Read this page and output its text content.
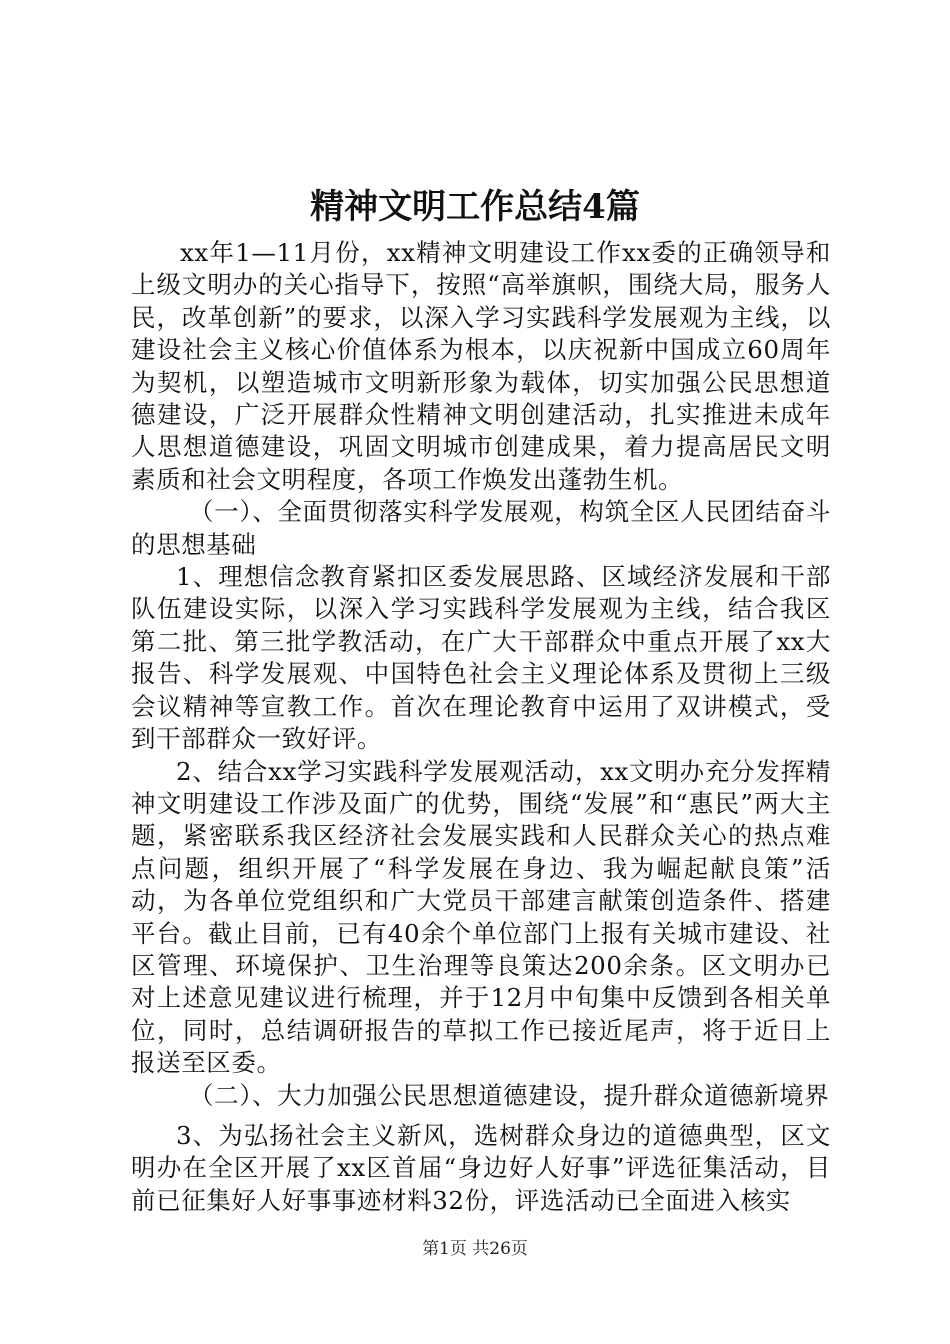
精神文明工作总结4篇

xx年1—11月份，xx精神文明建设工作xx委的正确领导和上级文明办的关心指导下，按照“高举旗帜，围绕大局，服务人民，改革创新”的要求，以深入学习实践科学发展观为主线，以建设社会主义核心价值体系为根本，以庆祝新中国成立60周年为契机，以塑造城市文明新形象为载体，切实加强公民思想道德建设，广泛开展群众性精神文明创建活动，扎实推进未成年人思想道德建设，巩固文明城市创建成果，着力提高居民文明素质和社会文明程度，各项工作焕发出蓬勃生机。

（一）、全面贯彻落实科学发展观，构筑全区人民团结奋斗的思想基础

1、理想信念教育紧扣区委发展思路、区域经济发展和干部队伍建设实际，以深入学习实践科学发展观为主线，结合我区第二批、第三批学教活动，在广大干部群众中重点开展了xx大报告、科学发展观、中国特色社会主义理论体系及贯彻上三级会议精神等宣教工作。首次在理论教育中运用了双讲模式，受到干部群众一致好评。

2、结合xx学习实践科学发展观活动，xx文明办充分发挥精神文明建设工作涉及面广的优势，围绕“发展”和“惠民”两大主题，紧密联系我区经济社会发展实践和人民群众关心的热点难点问题，组织开展了“科学发展在身边、我为崛起献良策”活动，为各单位党组织和广大党员干部建言献策创造条件、搭建平台。截止目前，已有40余个单位部门上报有关城市建设、社区管理、环境保护、卫生治理等良策达200余条。区文明办已对上述意见建议进行梳理，并于12月中旬集中反馈到各相关单位，同时，总结调研报告的草拟工作已接近尾声，将于近日上报送至区委。

（二）、大力加强公民思想道德建设，提升群众道德新境界

3、为弘扬社会主义新风，选树群众身边的道德典型，区文明办在全区开展了xx区首届“身边好人好事”评选征集活动，目前已征集好人好事事迹材料32份，评选活动已全面进入核实

第1页 共26页
